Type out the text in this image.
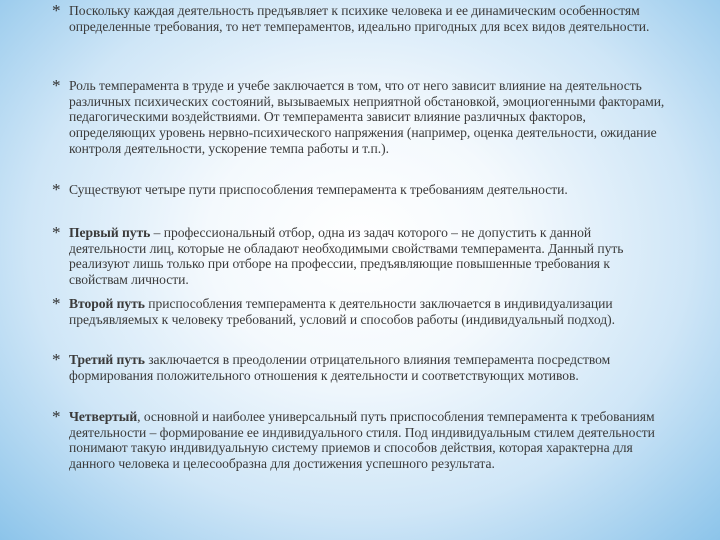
* Поскольку каждая деятельность предъявляет к психике человека и ее динамическим особенностям определенные требования, то нет темпераментов, идеально пригодных для всех видов деятельности.
* Роль темперамента в труде и учебе заключается в том, что от него зависит влияние на деятельность различных психических состояний, вызываемых неприятной обстановкой, эмоциогенными факторами, педагогическими воздействиями. От темперамента зависит влияние различных факторов, определяющих уровень нервно-психического напряжения (например, оценка деятельности, ожидание контроля деятельности, ускорение темпа работы и т.п.).
* Существуют четыре пути приспособления темперамента к требованиям деятельности.
* Первый путь – профессиональный отбор, одна из задач которого – не допустить к данной деятельности лиц, которые не обладают необходимыми свойствами темперамента. Данный путь реализуют лишь только при отборе на профессии, предъявляющие повышенные требования к свойствам личности.
* Второй путь приспособления темперамента к деятельности заключается в индивидуализации предъявляемых к человеку требований, условий и способов работы (индивидуальный подход).
* Третий путь заключается в преодолении отрицательного влияния темперамента посредством формирования положительного отношения к деятельности и соответствующих мотивов.
* Четвертый, основной и наиболее универсальный путь приспособления темперамента к требованиям деятельности – формирование ее индивидуального стиля. Под индивидуальным стилем деятельности понимают такую индивидуальную систему приемов и способов действия, которая характерна для данного человека и целесообразна для достижения успешного результата.
